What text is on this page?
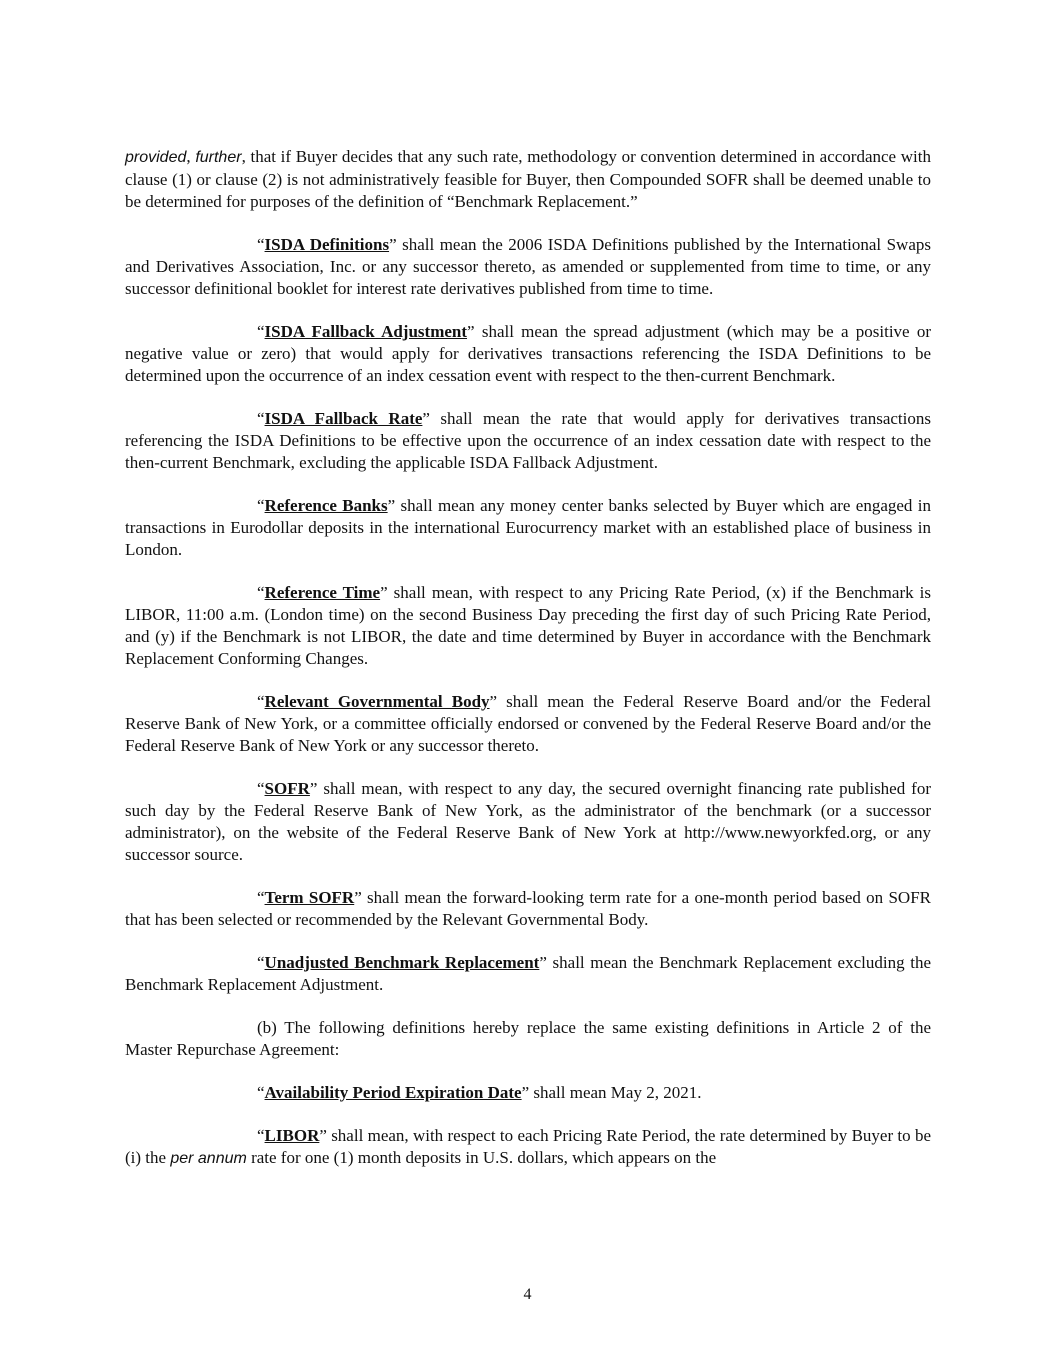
provided, further, that if Buyer decides that any such rate, methodology or convention determined in accordance with clause (1) or clause (2) is not administratively feasible for Buyer, then Compounded SOFR shall be deemed unable to be determined for purposes of the definition of “Benchmark Replacement.”

“ISDA Definitions” shall mean the 2006 ISDA Definitions published by the International Swaps and Derivatives Association, Inc. or any successor thereto, as amended or supplemented from time to time, or any successor definitional booklet for interest rate derivatives published from time to time.

“ISDA Fallback Adjustment” shall mean the spread adjustment (which may be a positive or negative value or zero) that would apply for derivatives transactions referencing the ISDA Definitions to be determined upon the occurrence of an index cessation event with respect to the then-current Benchmark.

“ISDA Fallback Rate” shall mean the rate that would apply for derivatives transactions referencing the ISDA Definitions to be effective upon the occurrence of an index cessation date with respect to the then-current Benchmark, excluding the applicable ISDA Fallback Adjustment.

“Reference Banks” shall mean any money center banks selected by Buyer which are engaged in transactions in Eurodollar deposits in the international Eurocurrency market with an established place of business in London.

“Reference Time” shall mean, with respect to any Pricing Rate Period, (x) if the Benchmark is LIBOR, 11:00 a.m. (London time) on the second Business Day preceding the first day of such Pricing Rate Period, and (y) if the Benchmark is not LIBOR, the date and time determined by Buyer in accordance with the Benchmark Replacement Conforming Changes.

“Relevant Governmental Body” shall mean the Federal Reserve Board and/or the Federal Reserve Bank of New York, or a committee officially endorsed or convened by the Federal Reserve Board and/or the Federal Reserve Bank of New York or any successor thereto.

“SOFR” shall mean, with respect to any day, the secured overnight financing rate published for such day by the Federal Reserve Bank of New York, as the administrator of the benchmark (or a successor administrator), on the website of the Federal Reserve Bank of New York at http://www.newyorkfed.org, or any successor source.

“Term SOFR” shall mean the forward-looking term rate for a one-month period based on SOFR that has been selected or recommended by the Relevant Governmental Body.

“Unadjusted Benchmark Replacement” shall mean the Benchmark Replacement excluding the Benchmark Replacement Adjustment.

(b) The following definitions hereby replace the same existing definitions in Article 2 of the Master Repurchase Agreement:

“Availability Period Expiration Date” shall mean May 2, 2021.

“LIBOR” shall mean, with respect to each Pricing Rate Period, the rate determined by Buyer to be (i) the per annum rate for one (1) month deposits in U.S. dollars, which appears on the

4
